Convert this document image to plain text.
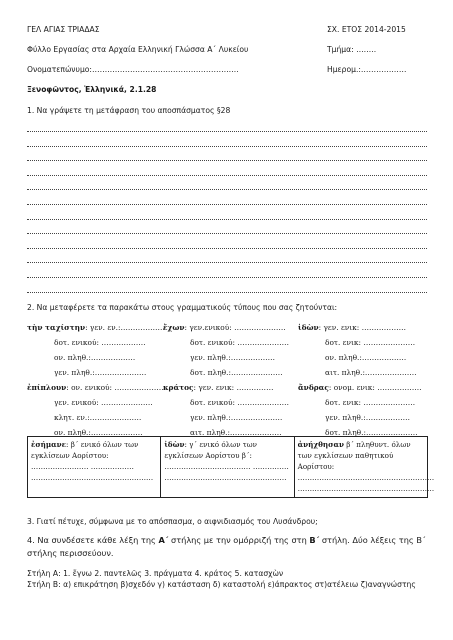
ΓΕΛ ΑΓΙΑΣ ΤΡΙΑΔΑΣ	ΣΧ. ΕΤΟΣ 2014-2015
Φύλλο Εργασίας στα Αρχαία Ελληνική Γλώσσα Α΄ Λυκείου	Τμήμα: ……..
Ονοματεπώνυμο:………………………………………………….	Ημερομ.:………………
Ξενοφῶντος, Ἑλληνικά, 2.1.28
1. Να γράψετε τη μετάφραση του αποσπάσματος §28
2. Να μεταφέρετε τα παρακάτω στους γραμματικούς τύπους που σας ζητούνται:
τὴν ταχίστην: γεν. εν.:………………
δοτ. ενικού: ………………
ον. πληθ.:………………
γεν. πληθ.:…………………
ἐπίπλουν: ον. ενικού: …………………
γεν. ενικού: …………………
κλητ. εν.:…………………
ον. πληθ.:…………………
ἔχων: γεν.ενικού: …………………
δοτ. ενικού: …………………
γεν. πληθ.:………………
δοτ. πληθ.:…………………
κράτος: γεν. ενικ: ……………
δοτ. ενικού: …………………
γεν. πληθ.:…………………
αιτ. πληθ.:…………………
ἰδὼν: γεν. ενικ: ………………
δοτ. ενικ: …………………
ον. πληθ.:………………
αιτ. πληθ.:…………………
ἄνδρας: ονομ. ενικ: ………………
δοτ. ενικ: …………………
γεν. πληθ.:………………
δοτ. πληθ.:…………………
ἐσήμανε: β΄ ενικό όλων των εγκλίσεων Αορίστου:
…………………… ………………
……………………………………………	ἰδὼν: γ΄ ενικό όλων των εγκλίσεων Αορίστου β΄:
……………………………… ……………
……………………………………………	ἀνήχθησαν β΄ πληθυντ. όλων των εγκλίσεων παθητικού Αορίστου:
…………………………………………………
…………………………………………………
3. Γιατί πέτυχε, σύμφωνα με το απόσπασμα, ο αιφνιδιασμός του Λυσάνδρου;
4. Να συνδέσετε κάθε λέξη της Α΄ στήλης με την ομόρριζή της στη Β΄ στήλη. Δύο λέξεις της Β΄
στήλης περισσεύουν.
Στήλη Α: 1. ἔγνω 2. παντελῶς 3. πράγματα 4. κράτος 5. κατασχὼν
Στήλη Β: α) επικράτηση β)σχεδόν γ) κατάσταση δ) καταστολή ε)άπρακτος στ)ατέλειω ζ)αναγνώστης
